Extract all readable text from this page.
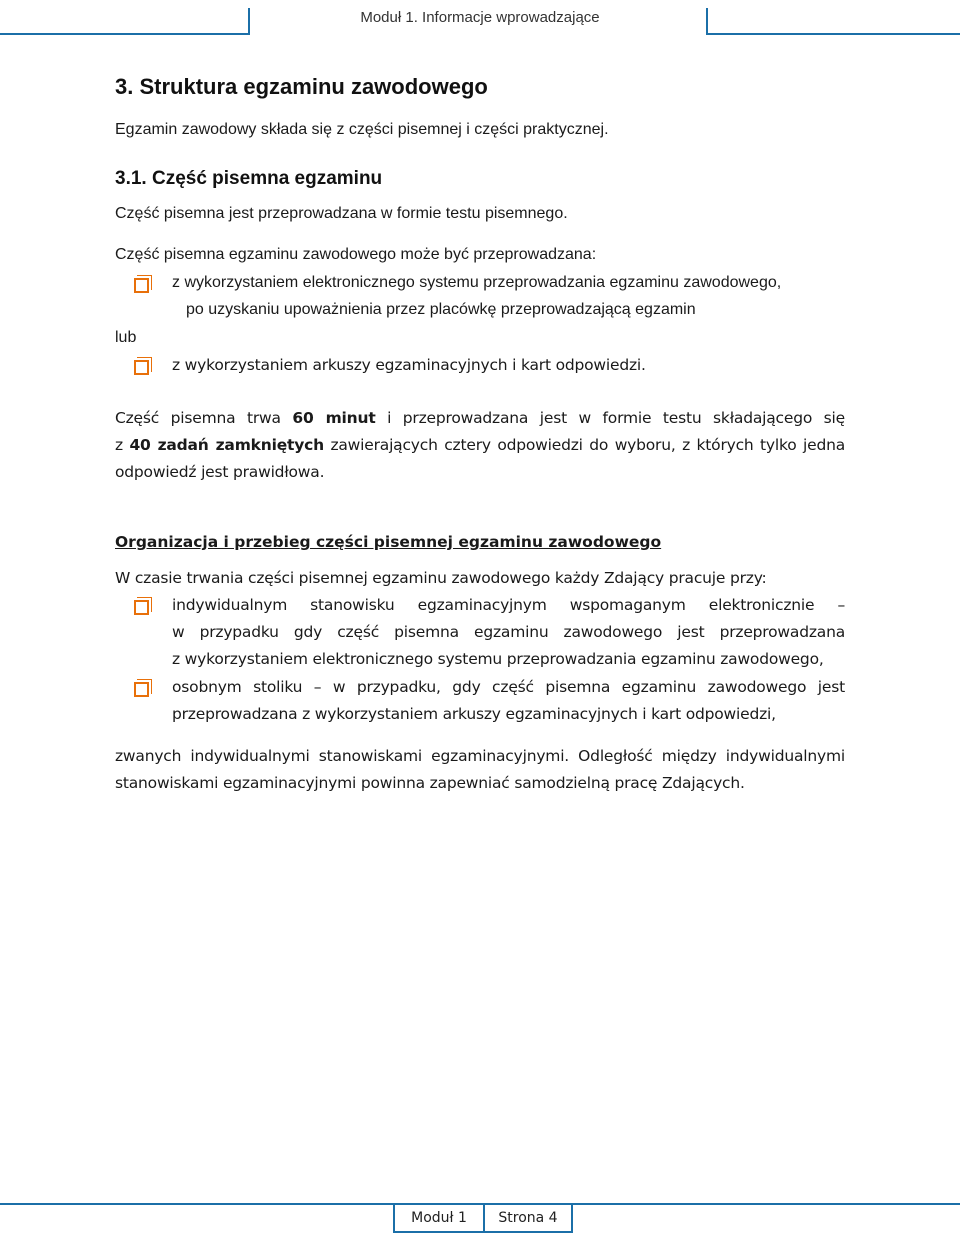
Moduł 1. Informacje wprowadzające
3. Struktura egzaminu zawodowego
Egzamin zawodowy składa się z części pisemnej i części praktycznej.
3.1. Część pisemna egzaminu
Część pisemna jest przeprowadzana w formie testu pisemnego.
Część pisemna egzaminu zawodowego może być przeprowadzana:
z wykorzystaniem elektronicznego systemu przeprowadzania egzaminu zawodowego,
po uzyskaniu upoważnienia przez placówkę przeprowadzającą egzamin
lub
z wykorzystaniem arkuszy egzaminacyjnych i kart odpowiedzi.
Część pisemna trwa 60 minut i przeprowadzana jest w formie testu składającego się
z 40 zadań zamkniętych zawierających cztery odpowiedzi do wyboru, z których tylko jedna
odpowiedź jest prawidłowa.
Organizacja i przebieg części pisemnej egzaminu zawodowego
W czasie trwania części pisemnej egzaminu zawodowego każdy Zdający pracuje przy:
indywidualnym stanowisku egzaminacyjnym wspomaganym elektronicznie –
w przypadku gdy część pisemna egzaminu zawodowego jest przeprowadzana
z wykorzystaniem elektronicznego systemu przeprowadzania egzaminu zawodowego,
osobnym stoliku – w przypadku, gdy część pisemna egzaminu zawodowego jest
przeprowadzana z wykorzystaniem arkuszy egzaminacyjnych i kart odpowiedzi,
zwanych indywidualnymi stanowiskami egzaminacyjnymi. Odległość między indywidualnymi
stanowiskami egzaminacyjnymi powinna zapewniać samodzielną pracę Zdających.
Moduł 1 Strona 4
